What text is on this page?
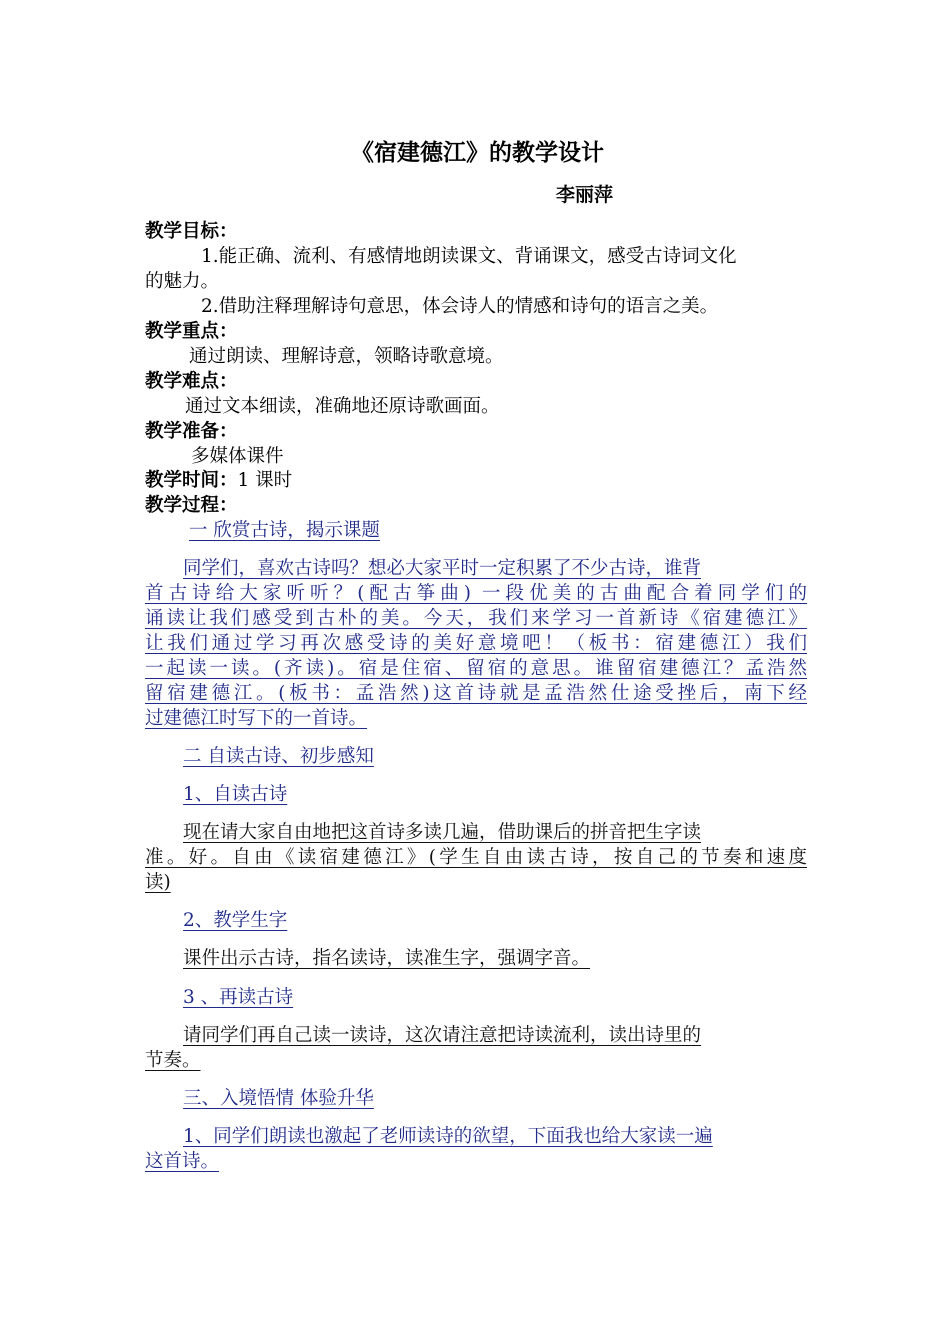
《宿建德江》的教学设计
李丽萍
教学目标：
1.能正确、流利、有感情地朗读课文、背诵课文，感受古诗词文化
的魅力。
2.借助注释理解诗句意思，体会诗人的情感和诗句的语言之美。
教学重点：
通过朗读、理解诗意，领略诗歌意境。
教学难点：
通过文本细读，准确地还原诗歌画面。
教学准备：
多媒体课件
教学时间：1 课时
教学过程：
一 欣赏古诗，揭示课题
同学们，喜欢古诗吗？想必大家平时一定积累了不少古诗，谁背
首古诗给大家听听？(配古筝曲) 一段优美的古曲配合着同学们的
诵读让我们感受到古朴的美。今天，我们来学习一首新诗《宿建德江》
让我们通过学习再次感受诗的美好意境吧！（板书：宿建德江）我们
一起读一读。(齐读)。宿是住宿、留宿的意思。谁留宿建德江？孟浩然
留宿建德江。(板书：孟浩然)这首诗就是孟浩然仕途受挫后，南下经
过建德江时写下的一首诗。
二 自读古诗、初步感知
1、自读古诗
现在请大家自由地把这首诗多读几遍，借助课后的拼音把生字读
准。好。自由《读宿建德江》(学生自由读古诗，按自己的节奏和速度
读)
2、教学生字
课件出示古诗，指名读诗，读准生字，强调字音。
3 、再读古诗
请同学们再自己读一读诗，这次请注意把诗读流利，读出诗里的
节奏。
三、入境悟情 体验升华
1、同学们朗读也激起了老师读诗的欲望，下面我也给大家读一遍
这首诗。
